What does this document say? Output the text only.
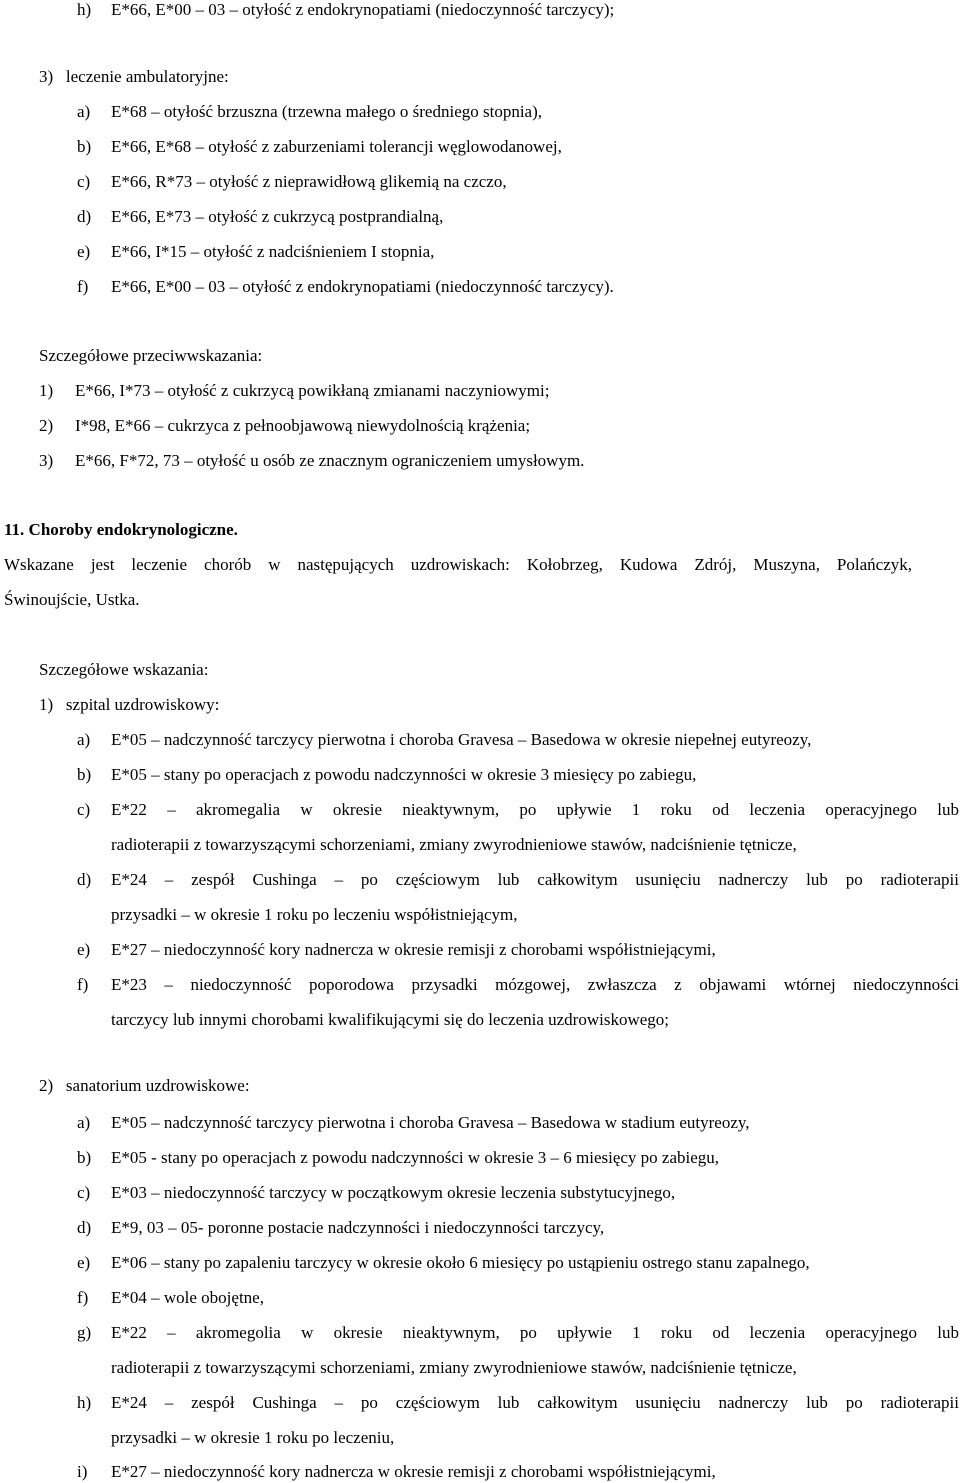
h) E*66, E*00 – 03 – otyłość z endokrynopatiami (niedoczynność tarczycy);
3)   leczenie ambulatoryjne:
a) E*68 – otyłość brzuszna (trzewna małego o średniego stopnia),
b) E*66, E*68 – otyłość z zaburzeniami tolerancji węglowodanowej,
c) E*66, R*73 – otyłość z nieprawidłową glikemią na czczo,
d) E*66, E*73 – otyłość z cukrzycą postprandialną,
e) E*66, I*15 – otyłość z nadciśnieniem I stopnia,
f) E*66, E*00 – 03 – otyłość z endokrynopatiami (niedoczynność tarczycy).
Szczegółowe przeciwwskazania:
1) E*66, I*73 – otyłość z cukrzycą powikłaną zmianami naczyniowymi;
2) I*98, E*66 – cukrzyca z pełnoobjawową niewydolnością krążenia;
3) E*66, F*72, 73 – otyłość u osób ze znacznym ograniczeniem umysłowym.
11. Choroby endokrynologiczne.
Wskazane jest leczenie chorób w następujących uzdrowiskach: Kołobrzeg, Kudowa Zdrój, Muszyna, Polańczyk,
Świnoujście, Ustka.
Szczegółowe wskazania:
1)   szpital uzdrowiskowy:
a) E*05 – nadczynność tarczycy pierwotna i choroba Gravesa – Basedowa w okresie niepełnej eutyreozy,
b) E*05 – stany po operacjach z powodu nadczynności w okresie 3 miesięcy po zabiegu,
c) E*22 – akromegalia w okresie nieaktywnym, po upływie 1 roku od leczenia operacyjnego lub
radioterapii z towarzyszącymi schorzeniami, zmiany zwyrodnieniowe stawów, nadciśnienie tętnicze,
d) E*24 – zespół Cushinga – po częściowym lub całkowitym usunięciu nadnerczy lub po radioterapii
przysadki – w okresie 1 roku po leczeniu współistniejącym,
e) E*27 – niedoczynność kory nadnercza w okresie remisji z chorobami współistniejącymi,
f) E*23 – niedoczynność poporodowa przysadki mózgowej, zwłaszcza z objawami wtórnej niedoczynności
tarczycy lub innymi chorobami kwalifikującymi się do leczenia uzdrowiskowego;
2)   sanatorium uzdrowiskowe:
a) E*05 – nadczynność tarczycy pierwotna i choroba Gravesa – Basedowa w stadium eutyreozy,
b) E*05 - stany po operacjach z powodu nadczynności w okresie 3 – 6 miesięcy po zabiegu,
c) E*03 – niedoczynność tarczycy w początkowym okresie leczenia substytucyjnego,
d) E*9, 03 – 05- poronne postacie nadczynności i niedoczynności tarczycy,
e) E*06 – stany po zapaleniu tarczycy w okresie około 6 miesięcy po ustąpieniu ostrego stanu zapalnego,
f) E*04 – wole obojętne,
g) E*22 – akromegolia w okresie nieaktywnym, po upływie 1 roku od leczenia operacyjnego lub
radioterapii z towarzyszącymi schorzeniami, zmiany zwyrodnieniowe stawów, nadciśnienie tętnicze,
h) E*24 – zespół Cushinga – po częściowym lub całkowitym usunięciu nadnerczy lub po radioterapii
przysadki – w okresie 1 roku po leczeniu,
i) E*27 – niedoczynność kory nadnercza w okresie remisji z chorobami współistniejącymi,
